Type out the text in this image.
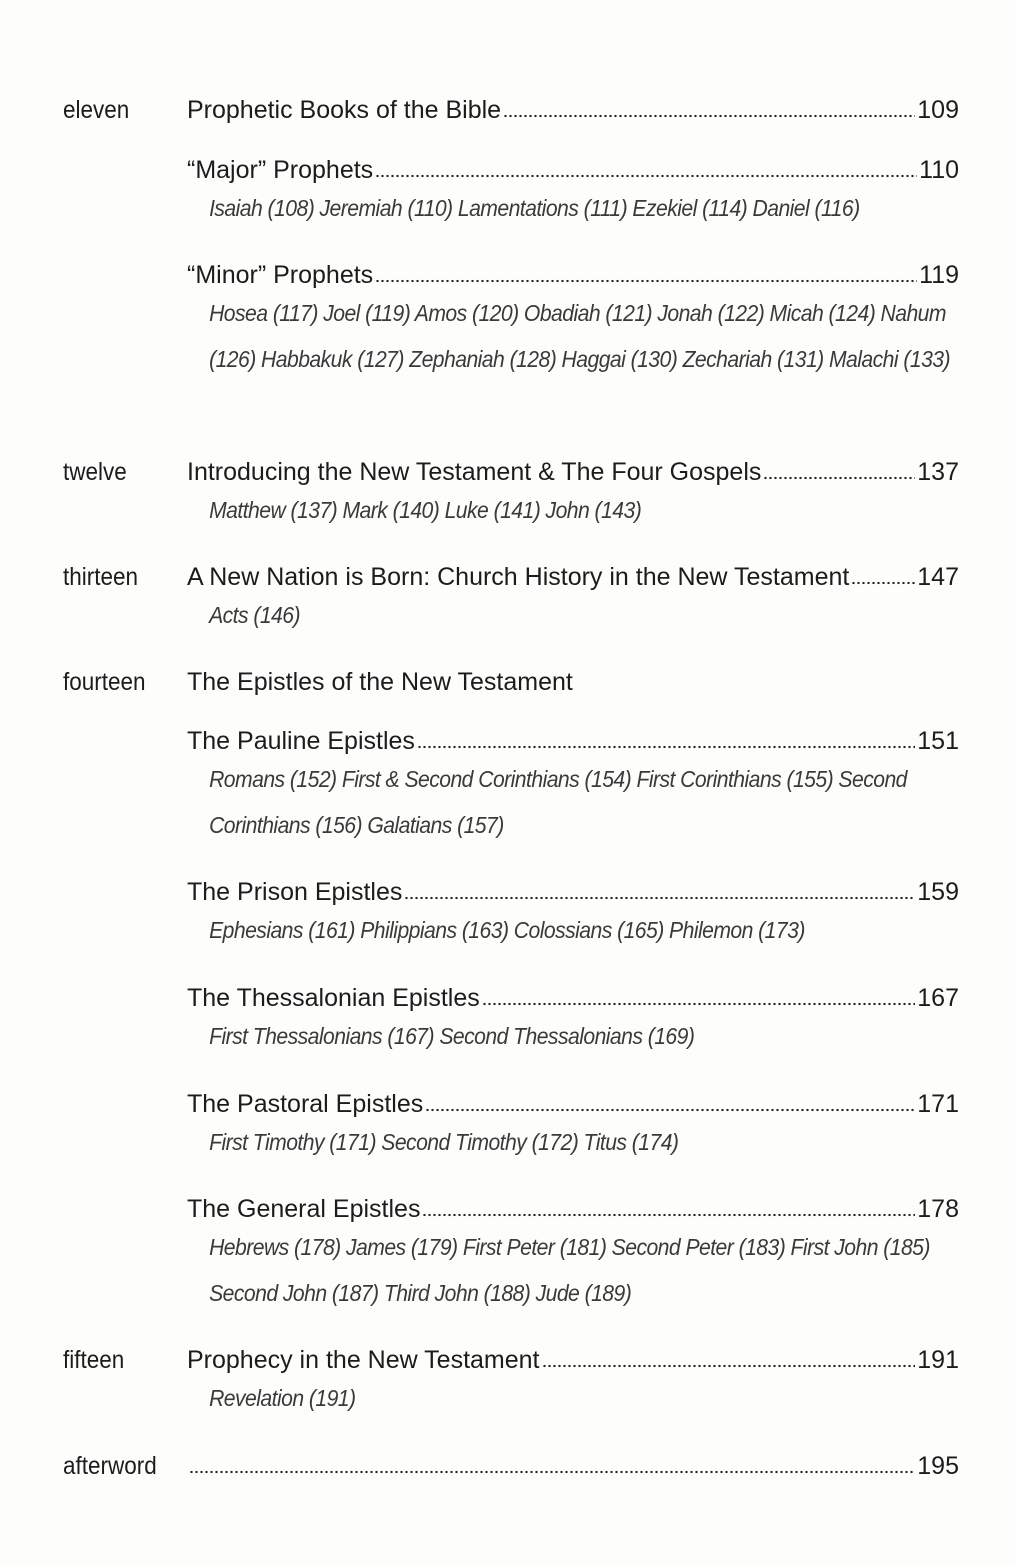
eleven Prophetic Books of the Bible	109
“Major” Prophets	110

Isaiah (108) Jeremiah (110) Lamentations (111) Ezekiel (114) Daniel (116)

“Minor” Prophets	119

Hosea (117) Joel (119) Amos (120) Obadiah (121) Jonah (122) Micah (124) Nahum (126) Habbakuk (127) Zephaniah (128) Haggai (130) Zechariah (131) Malachi (133)

twelve Introducing the New Testament & The Four Gospels	137

Matthew (137) Mark (140) Luke (141) John (143)

thirteen A New Nation is Born: Church History in the New Testament	147

Acts (146)

fourteen The Epistles of the New Testament
The Pauline Epistles	151

Romans (152) First & Second Corinthians (154) First Corinthians (155) Second Corinthians (156) Galatians (157)

The Prison Epistles	159

Ephesians (161) Philippians (163) Colossians (165) Philemon (173)

The Thessalonian Epistles	167

First Thessalonians (167) Second Thessalonians (169)

The Pastoral Epistles	171

First Timothy (171) Second Timothy (172) Titus (174)

The General Epistles	178

Hebrews (178) James (179) First Peter (181) Second Peter (183) First John (185) Second John (187) Third John (188) Jude (189)

fifteen	Prophecy in the New Testament	191

Revelation (191)

afterword	195
